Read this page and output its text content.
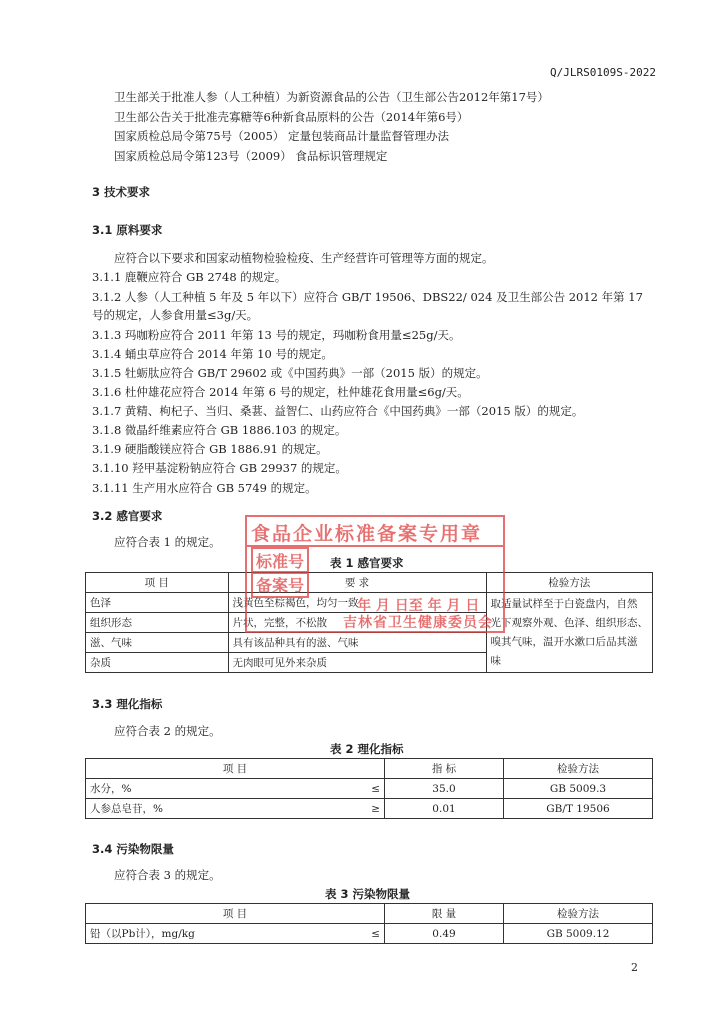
Q/JLRS0109S-2022
卫生部关于批准人参（人工种植）为新资源食品的公告（卫生部公告2012年第17号）
卫生部公告关于批准壳寡糖等6种新食品原料的公告（2014年第6号）
国家质检总局令第75号（2005） 定量包装商品计量监督管理办法
国家质检总局令第123号（2009） 食品标识管理规定
3 技术要求
3.1 原料要求
应符合以下要求和国家动植物检验检疫、生产经营许可管理等方面的规定。
3.1.1 鹿鞭应符合 GB 2748 的规定。
3.1.2 人参（人工种植 5 年及 5 年以下）应符合 GB/T 19506、DBS22/ 024 及卫生部公告 2012 年第 17
号的规定，人参食用量≤3g/天。
3.1.3 玛咖粉应符合 2011 年第 13 号的规定，玛咖粉食用量≤25g/天。
3.1.4 蛹虫草应符合 2014 年第 10 号的规定。
3.1.5 牡蛎肽应符合 GB/T 29602 或《中国药典》一部（2015 版）的规定。
3.1.6 杜仲雄花应符合 2014 年第 6 号的规定，杜仲雄花食用量≤6g/天。
3.1.7 黄精、枸杞子、当归、桑葚、益智仁、山药应符合《中国药典》一部（2015 版）的规定。
3.1.8 微晶纤维素应符合 GB 1886.103 的规定。
3.1.9 硬脂酸镁应符合 GB 1886.91 的规定。
3.1.10 羟甲基淀粉钠应符合 GB 29937 的规定。
3.1.11 生产用水应符合 GB 5749 的规定。
3.2 感官要求
应符合表 1 的规定。
表 1 感官要求
项 目	要 求	检验方法
色泽	浅黄色至棕褐色，均匀一致	取适量试样至于白瓷盘内，自然
光下观察外观、色泽、组织形态、
嗅其气味，温开水漱口后品其滋
味

组织形态	片状，完整，不松散	
滋、气味	具有该品种具有的滋、气味	
杂质	无肉眼可见外来杂质	
3.3 理化指标
应符合表 2 的规定。
表 2 理化指标
项 目		指 标	检验方法
水分，%	≤	35.0	GB 5009.3
人参总皂苷，%	≥	0.01	GB/T 19506
3.4 污染物限量
应符合表 3 的规定。
表 3 污染物限量
项 目		限 量	检验方法
铅（以Pb计），mg/kg	≤	0.49	GB 5009.12
食品企业标准备案专用章
标准号
备案号
年 月 日至 年 月 日
吉林省卫生健康委员会
2
